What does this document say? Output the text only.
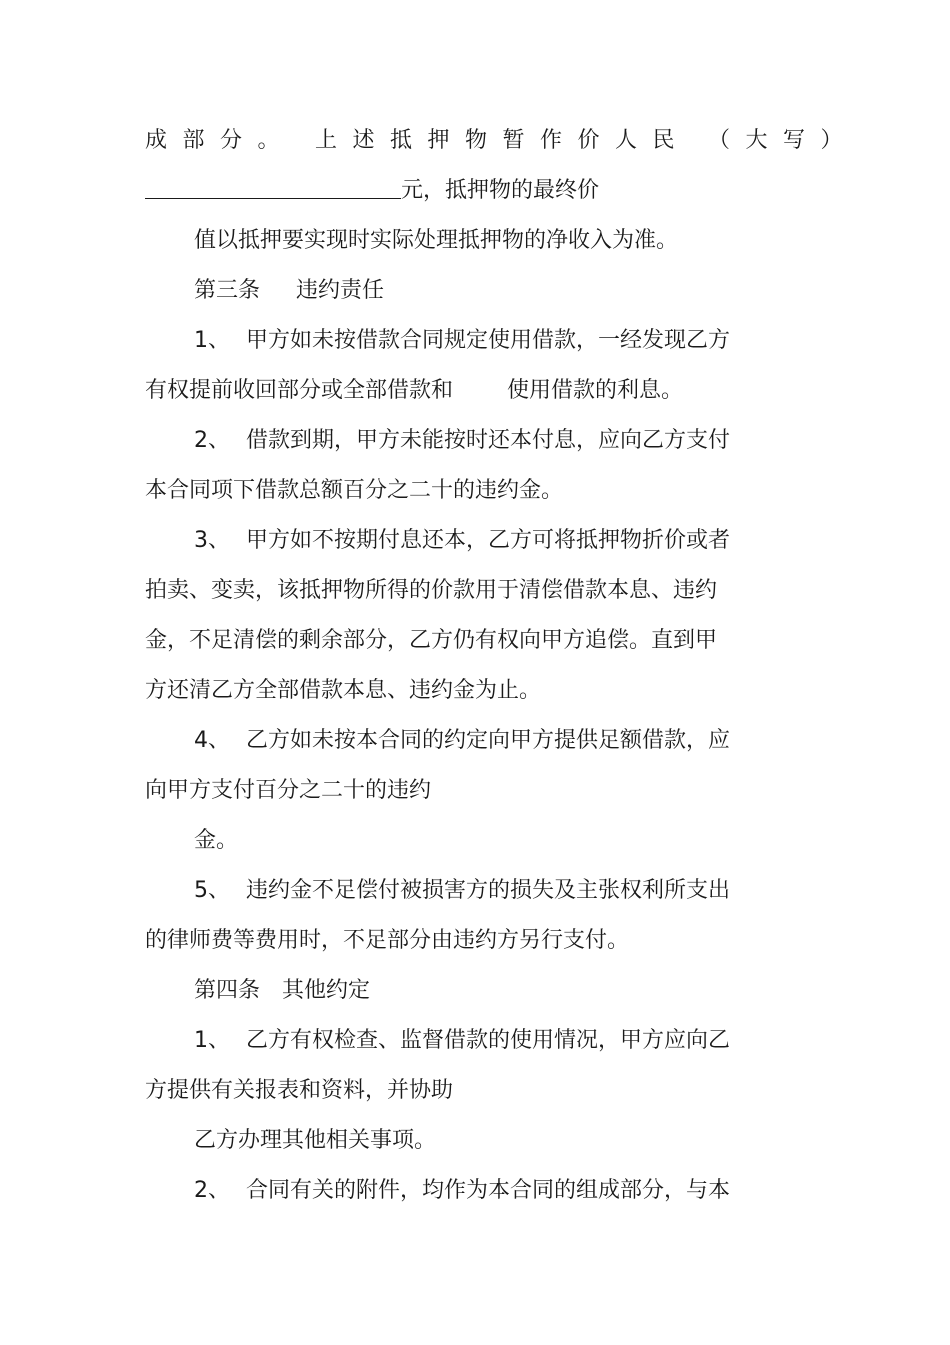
成部分。 上述抵押物暂作价人民 （大写）
元，抵押物的最终价
值以抵押要实现时实际处理抵押物的净收入为准。
第三条 违约责任
1、 甲方如未按借款合同规定使用借款，一经发现乙方
有权提前收回部分或全部借款和 使用借款的利息。
2、 借款到期，甲方未能按时还本付息，应向乙方支付
本合同项下借款总额百分之二十的违约金。
3、 甲方如不按期付息还本，乙方可将抵押物折价或者
拍卖、变卖，该抵押物所得的价款用于清偿借款本息、违约
金，不足清偿的剩余部分，乙方仍有权向甲方追偿。直到甲
方还清乙方全部借款本息、违约金为止。
4、 乙方如未按本合同的约定向甲方提供足额借款，应
向甲方支付百分之二十的违约
金。
5、 违约金不足偿付被损害方的损失及主张权利所支出
的律师费等费用时，不足部分由违约方另行支付。
第四条 其他约定
1、 乙方有权检查、监督借款的使用情况，甲方应向乙
方提供有关报表和资料，并协助
乙方办理其他相关事项。
2、 合同有关的附件，均作为本合同的组成部分，与本
